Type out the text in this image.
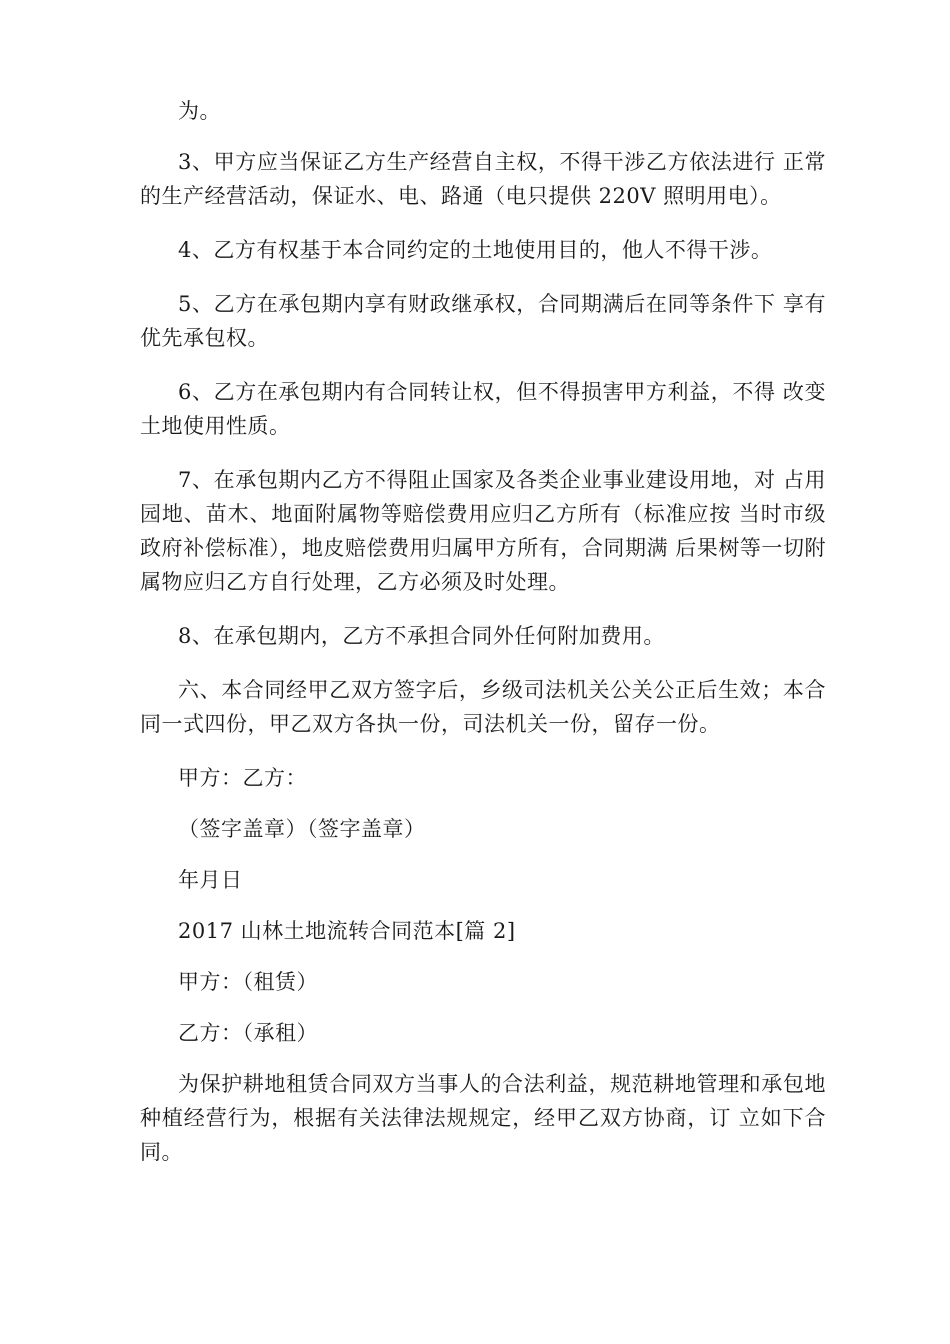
为。

3、甲方应当保证乙方生产经营自主权，不得干涉乙方依法进行 正常的生产经营活动，保证水、电、路通（电只提供 220V 照明用电）。

4、乙方有权基于本合同约定的土地使用目的，他人不得干涉。

5、乙方在承包期内享有财政继承权，合同期满后在同等条件下 享有优先承包权。

6、乙方在承包期内有合同转让权，但不得损害甲方利益，不得 改变土地使用性质。

7、在承包期内乙方不得阻止国家及各类企业事业建设用地，对 占用园地、苗木、地面附属物等赔偿费用应归乙方所有（标准应按 当时市级政府补偿标准），地皮赔偿费用归属甲方所有，合同期满 后果树等一切附属物应归乙方自行处理，乙方必须及时处理。

8、在承包期内，乙方不承担合同外任何附加费用。

六、本合同经甲乙双方签字后，乡级司法机关公关公正后生效；本合同一式四份，甲乙双方各执一份，司法机关一份，留存一份。

甲方：乙方：

（签字盖章）（签字盖章）

年月日

2017 山林土地流转合同范本[篇 2]

甲方：（租赁）

乙方：（承租）

为保护耕地租赁合同双方当事人的合法利益，规范耕地管理和承包地种植经营行为，根据有关法律法规规定，经甲乙双方协商，订 立如下合同。
